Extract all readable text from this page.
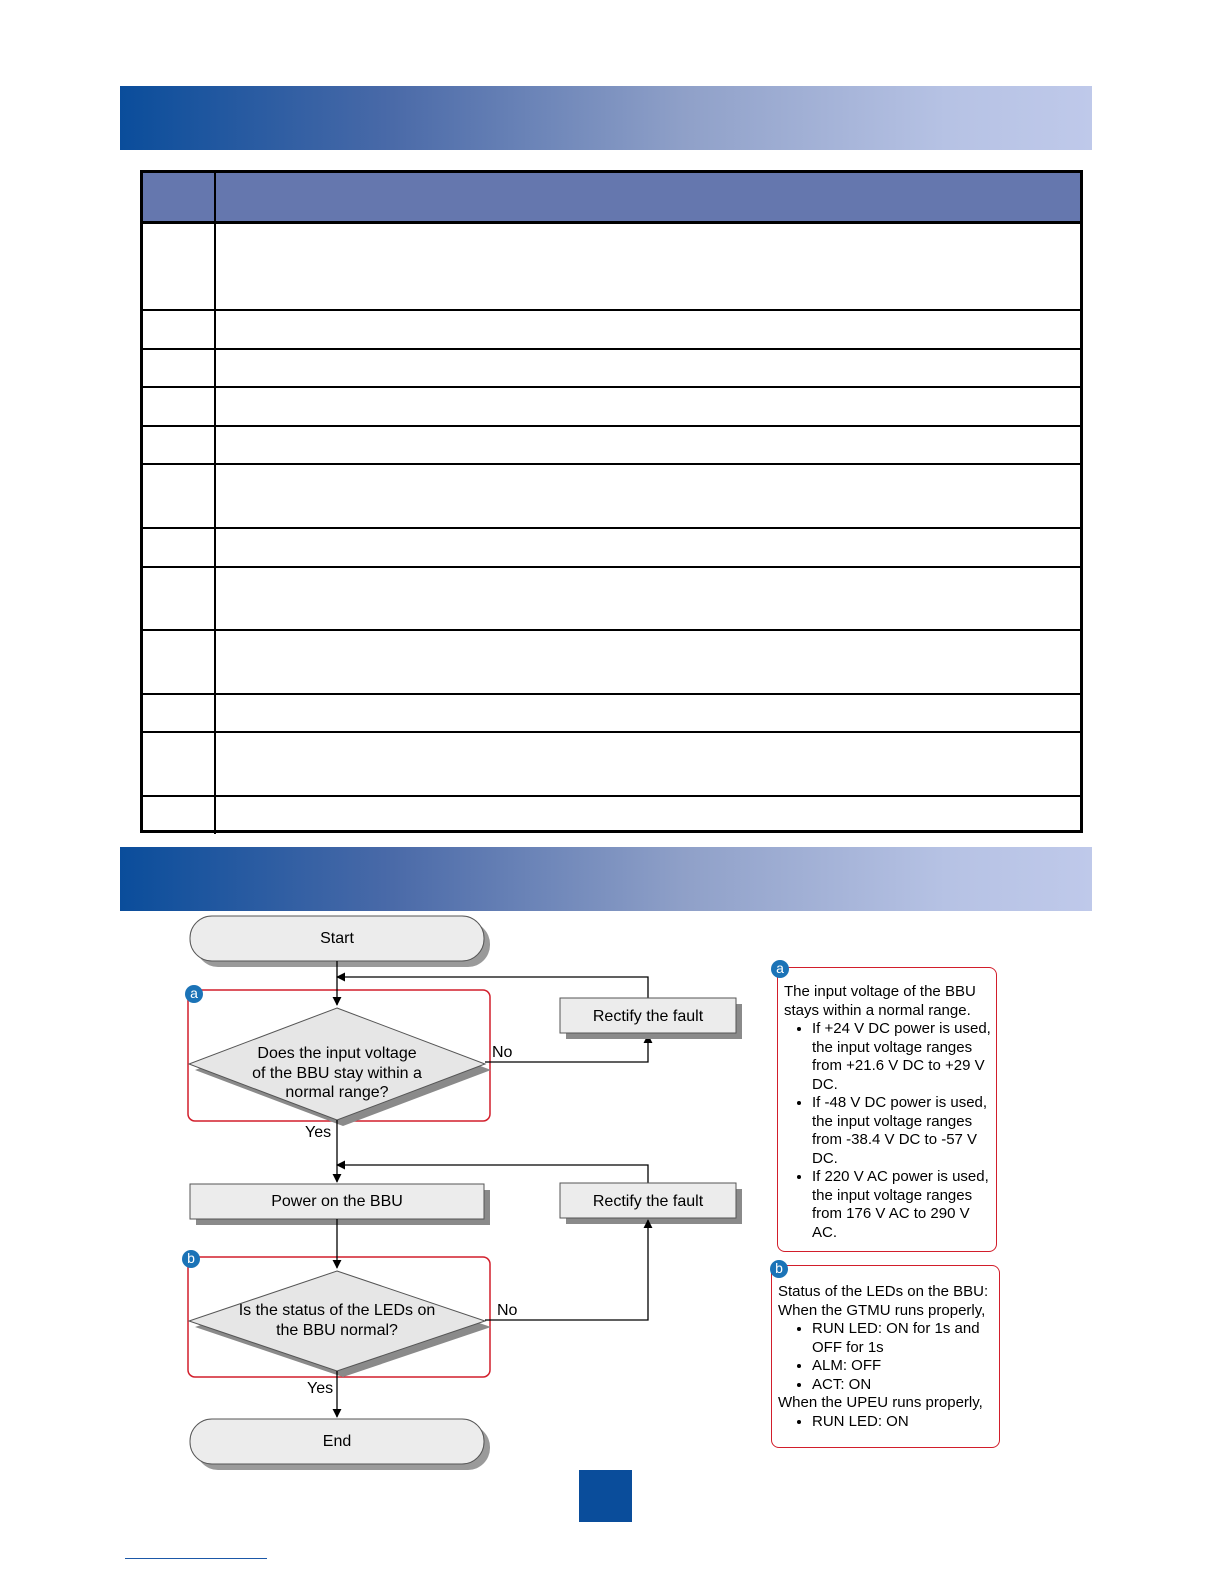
Start
Does the input voltage
of the BBU stay within a
normal range?
No
Rectify the fault
Yes
Power on the BBU	Rectify the fault
Is the status of the LEDs on
the BBU normal?
No
Yes
End
a
b

The input voltage of the BBU stays within a normal range.

• If +24 V DC power is used, the input voltage ranges from +21.6 V DC to +29 V DC.
• If -48 V DC power is used, the input voltage ranges from -38.4 V DC to -57 V DC.
• If 220 V AC power is used, the input voltage ranges from 176 V AC to 290 V AC.
a

Status of the LEDs on the BBU:

When the GTMU runs properly,

• RUN LED: ON for 1s and OFF for 1s
• ALM: OFF
• ACT: ON

When the UPEU runs properly,

• RUN LED: ON
b
